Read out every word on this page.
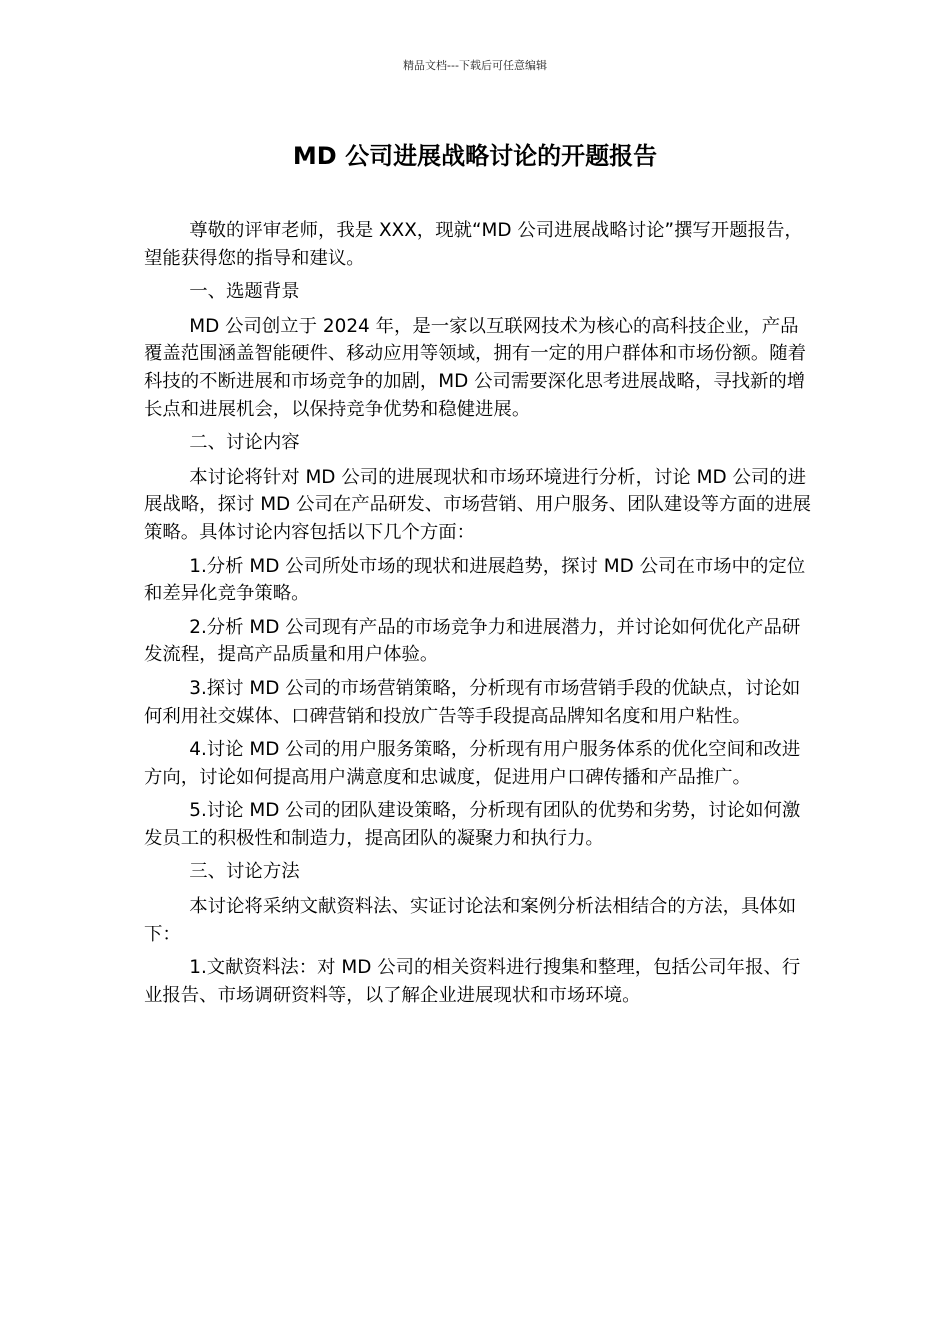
精品文档---下载后可任意编辑
MD 公司进展战略讨论的开题报告

尊敬的评审老师，我是 XXX，现就“MD 公司进展战略讨论”撰写开题报告，望能获得您的指导和建议。

一、选题背景

MD 公司创立于 2024 年，是一家以互联网技术为核心的高科技企业，产品覆盖范围涵盖智能硬件、移动应用等领域，拥有一定的用户群体和市场份额。随着科技的不断进展和市场竞争的加剧，MD 公司需要深化思考进展战略，寻找新的增长点和进展机会，以保持竞争优势和稳健进展。

二、讨论内容

本讨论将针对 MD 公司的进展现状和市场环境进行分析，讨论 MD 公司的进展战略，探讨 MD 公司在产品研发、市场营销、用户服务、团队建设等方面的进展策略。具体讨论内容包括以下几个方面：

1.分析 MD 公司所处市场的现状和进展趋势，探讨 MD 公司在市场中的定位和差异化竞争策略。

2.分析 MD 公司现有产品的市场竞争力和进展潜力，并讨论如何优化产品研发流程，提高产品质量和用户体验。

3.探讨 MD 公司的市场营销策略，分析现有市场营销手段的优缺点，讨论如何利用社交媒体、口碑营销和投放广告等手段提高品牌知名度和用户粘性。

4.讨论 MD 公司的用户服务策略，分析现有用户服务体系的优化空间和改进方向，讨论如何提高用户满意度和忠诚度，促进用户口碑传播和产品推广。

5.讨论 MD 公司的团队建设策略，分析现有团队的优势和劣势，讨论如何激发员工的积极性和制造力，提高团队的凝聚力和执行力。

三、讨论方法

本讨论将采纳文献资料法、实证讨论法和案例分析法相结合的方法，具体如下：

1.文献资料法：对 MD 公司的相关资料进行搜集和整理，包括公司年报、行业报告、市场调研资料等，以了解企业进展现状和市场环境。
